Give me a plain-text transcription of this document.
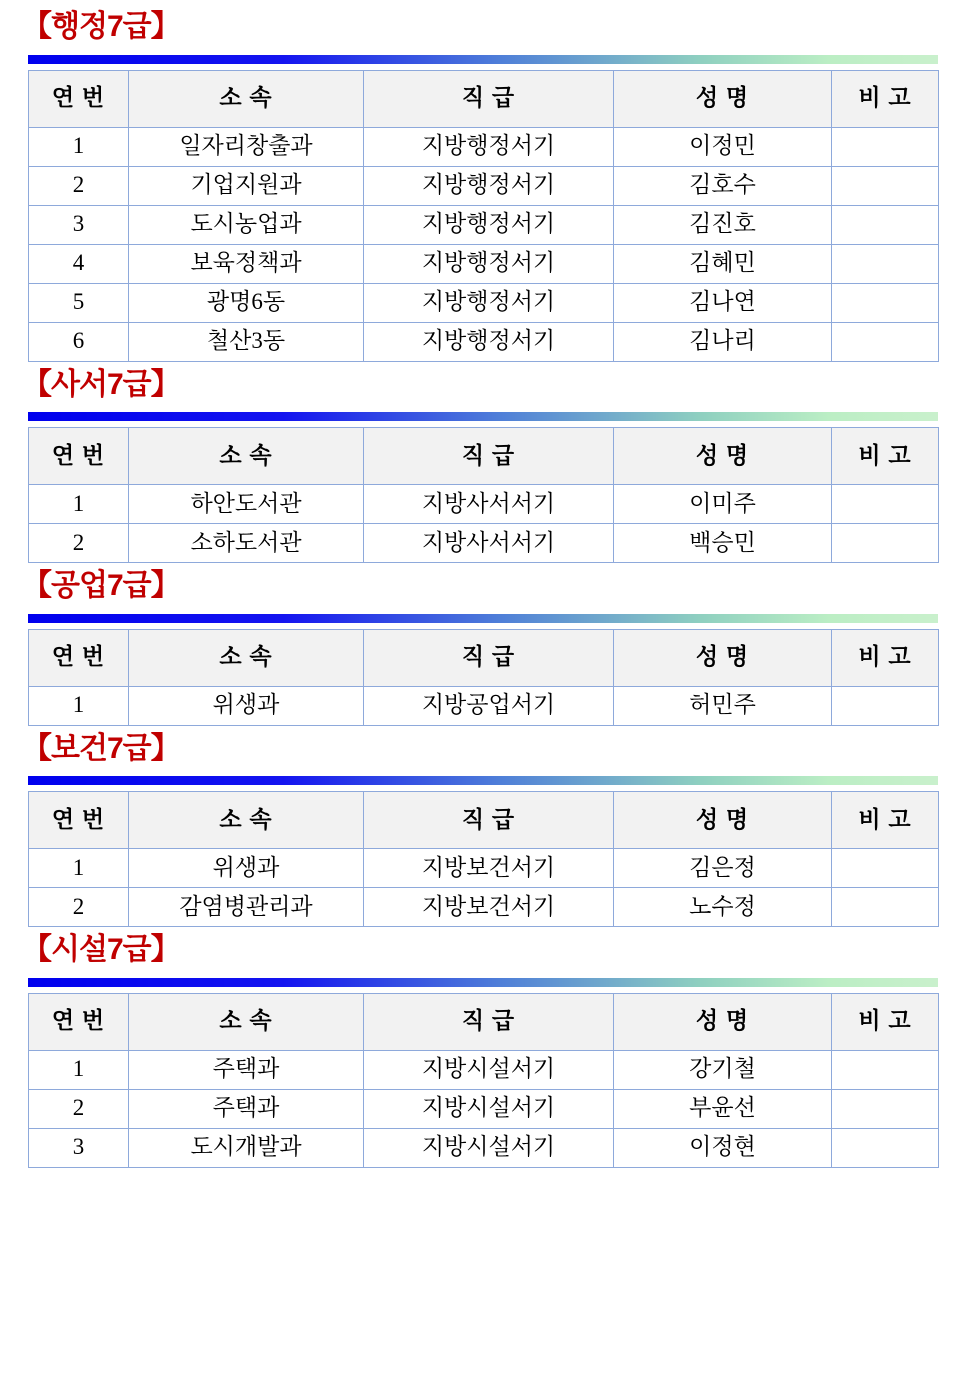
【행정7급】
연 번	소 속	직 급	성 명	비 고
1	일자리창출과	지방행정서기	이정민	
2	기업지원과	지방행정서기	김호수	
3	도시농업과	지방행정서기	김진호	
4	보육정책과	지방행정서기	김혜민	
5	광명6동	지방행정서기	김나연	
6	철산3동	지방행정서기	김나리	
【사서7급】
연 번	소 속	직 급	성 명	비 고
1	하안도서관	지방사서서기	이미주	
2	소하도서관	지방사서서기	백승민	
【공업7급】
연 번	소 속	직 급	성 명	비 고
1	위생과	지방공업서기	허민주	
【보건7급】
연 번	소 속	직 급	성 명	비 고
1	위생과	지방보건서기	김은정	
2	감염병관리과	지방보건서기	노수정	
【시설7급】
연 번	소 속	직 급	성 명	비 고
1	주택과	지방시설서기	강기철	
2	주택과	지방시설서기	부윤선	
3	도시개발과	지방시설서기	이정현	
